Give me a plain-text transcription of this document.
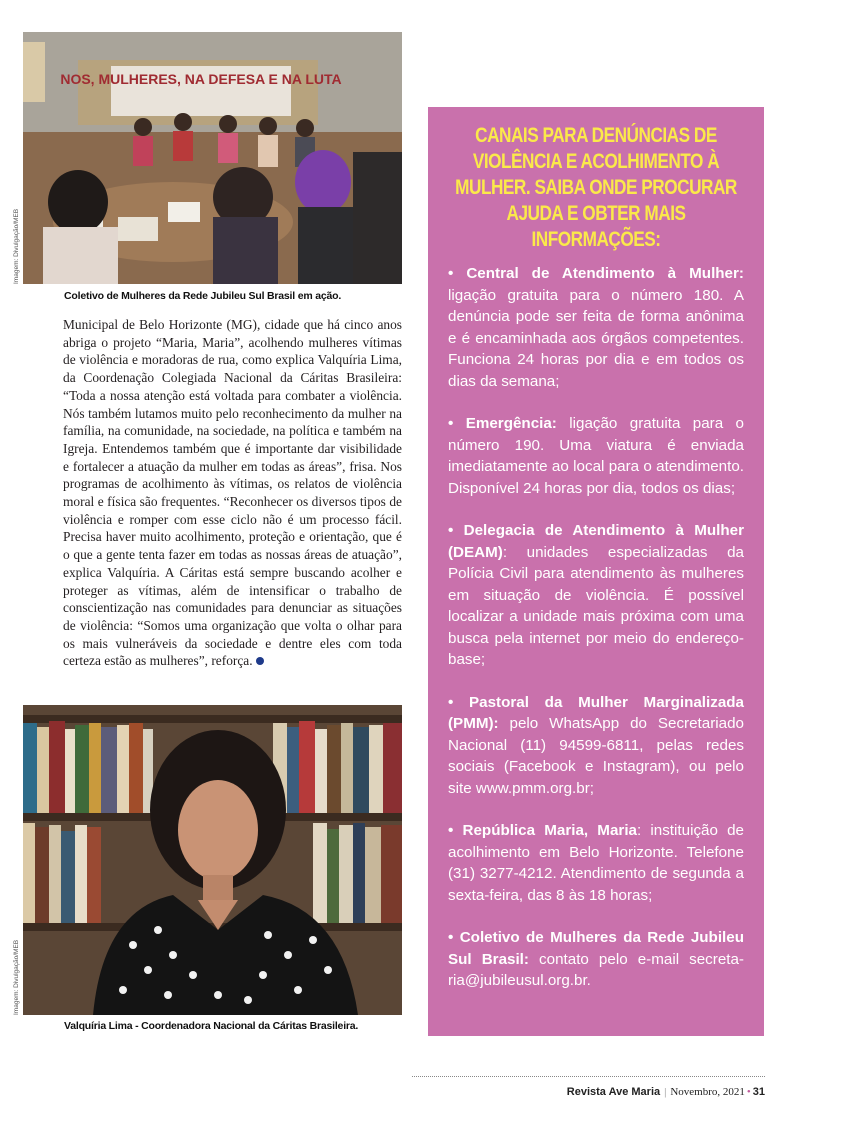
NOS, MULHERES, NA DEFESA E NA LUTA
Imagem: Divulgação/MEB
Coletivo de Mulheres da Rede Jubileu Sul Brasil em ação.

Municipal de Belo Horizonte (MG), cidade que há cinco anos abriga o projeto “Maria, Maria”, acolhendo mulheres vítimas de violência e moradoras de rua, como explica Valquíria Lima, da Coordenação Colegiada Nacional da Cáritas Brasileira: “Toda a nossa atenção está voltada para combater a violência. Nós também lutamos muito pelo reconhecimento da mulher na família, na comunidade, na sociedade, na política e também na Igreja. Entendemos também que é importante dar visibilidade e fortalecer a atuação da mulher em todas as áreas”, frisa. Nos programas de acolhimento às vítimas, os relatos de violência moral e física são frequentes. “Reconhecer os diversos tipos de violência e romper com esse ciclo não é um processo fácil. Precisa haver muito acolhimento, proteção e orientação, que é o que a gente tenta fazer em todas as nossas áreas de atuação”, explica Valquíria. A Cáritas está sempre buscando acolher e proteger as vítimas, além de intensificar o trabalho de conscientização nas comunidades para denunciar as situações de violência: “Somos uma organização que volta o olhar para os mais vulneráveis da sociedade e dentre eles com toda certeza estão as mulheres”, reforça.

Imagem: Divulgação/MEB
Valquíria Lima - Coordenadora Nacional da Cáritas Brasileira.
CANAIS PARA DENÚNCIAS DE VIOLÊNCIA E ACOLHIMENTO À MULHER. SAIBA ONDE PROCURAR AJUDA E OBTER MAIS INFORMAÇÕES:

• Central de Atendimento à Mulher: ligação gratuita para o número 180. A denúncia pode ser feita de forma anônima e é encaminhada aos órgãos competentes. Funciona 24 horas por dia e em todos os dias da semana;

• Emergência: ligação gratuita para o número 190. Uma viatura é enviada imediatamente ao local para o atendimento. Disponível 24 horas por dia, todos os dias;

• Delegacia de Atendimento à Mulher (DEAM): unidades especializadas da Polícia Civil para atendimento às mulheres em situação de violência. É possível localizar a unidade mais próxima com uma busca pela internet por meio do endereço-base;

• Pastoral da Mulher Marginalizada (PMM): pelo WhatsApp do Secretariado Nacional (11) 94599-6811, pelas redes sociais (Facebook e Instagram), ou pelo site www.pmm.org.br;

• República Maria, Maria: instituição de acolhimento em Belo Horizonte. Telefone (31) 3277-4212. Atendimento de segunda a sexta-feira, das 8 às 18 horas;

• Coletivo de Mulheres da Rede Jubileu Sul Brasil: contato pelo e-mail secreta-ria@jubileusul.org.br.

Revista Ave Maria | Novembro, 2021 • 31
